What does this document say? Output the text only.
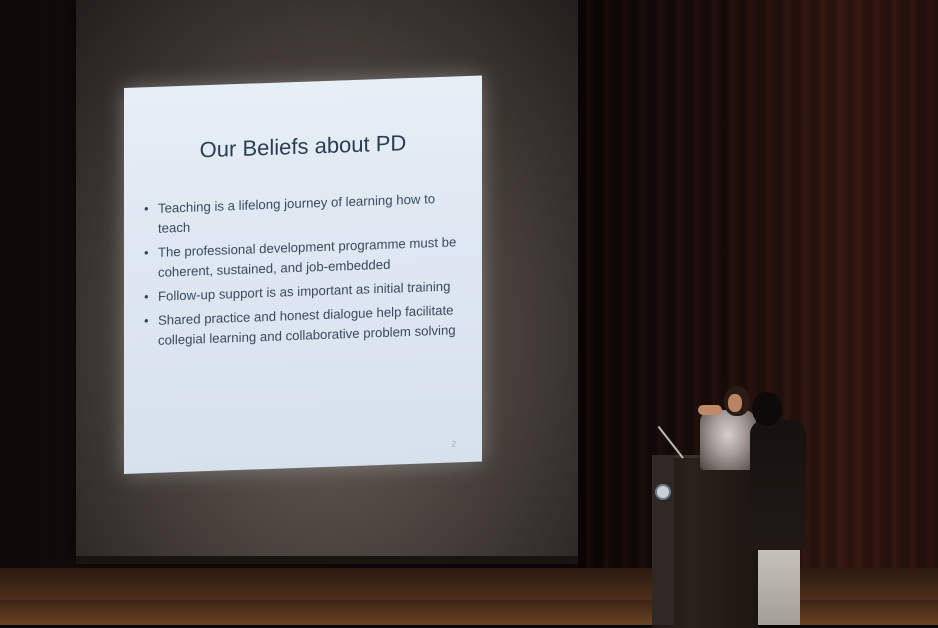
Our Beliefs about PD
• Teaching is a lifelong journey of learning how to teach
• The professional development programme must be coherent, sustained, and job-embedded
• Follow-up support is as important as initial training
• Shared practice and honest dialogue help facilitate collegial learning and collaborative problem solving
2
